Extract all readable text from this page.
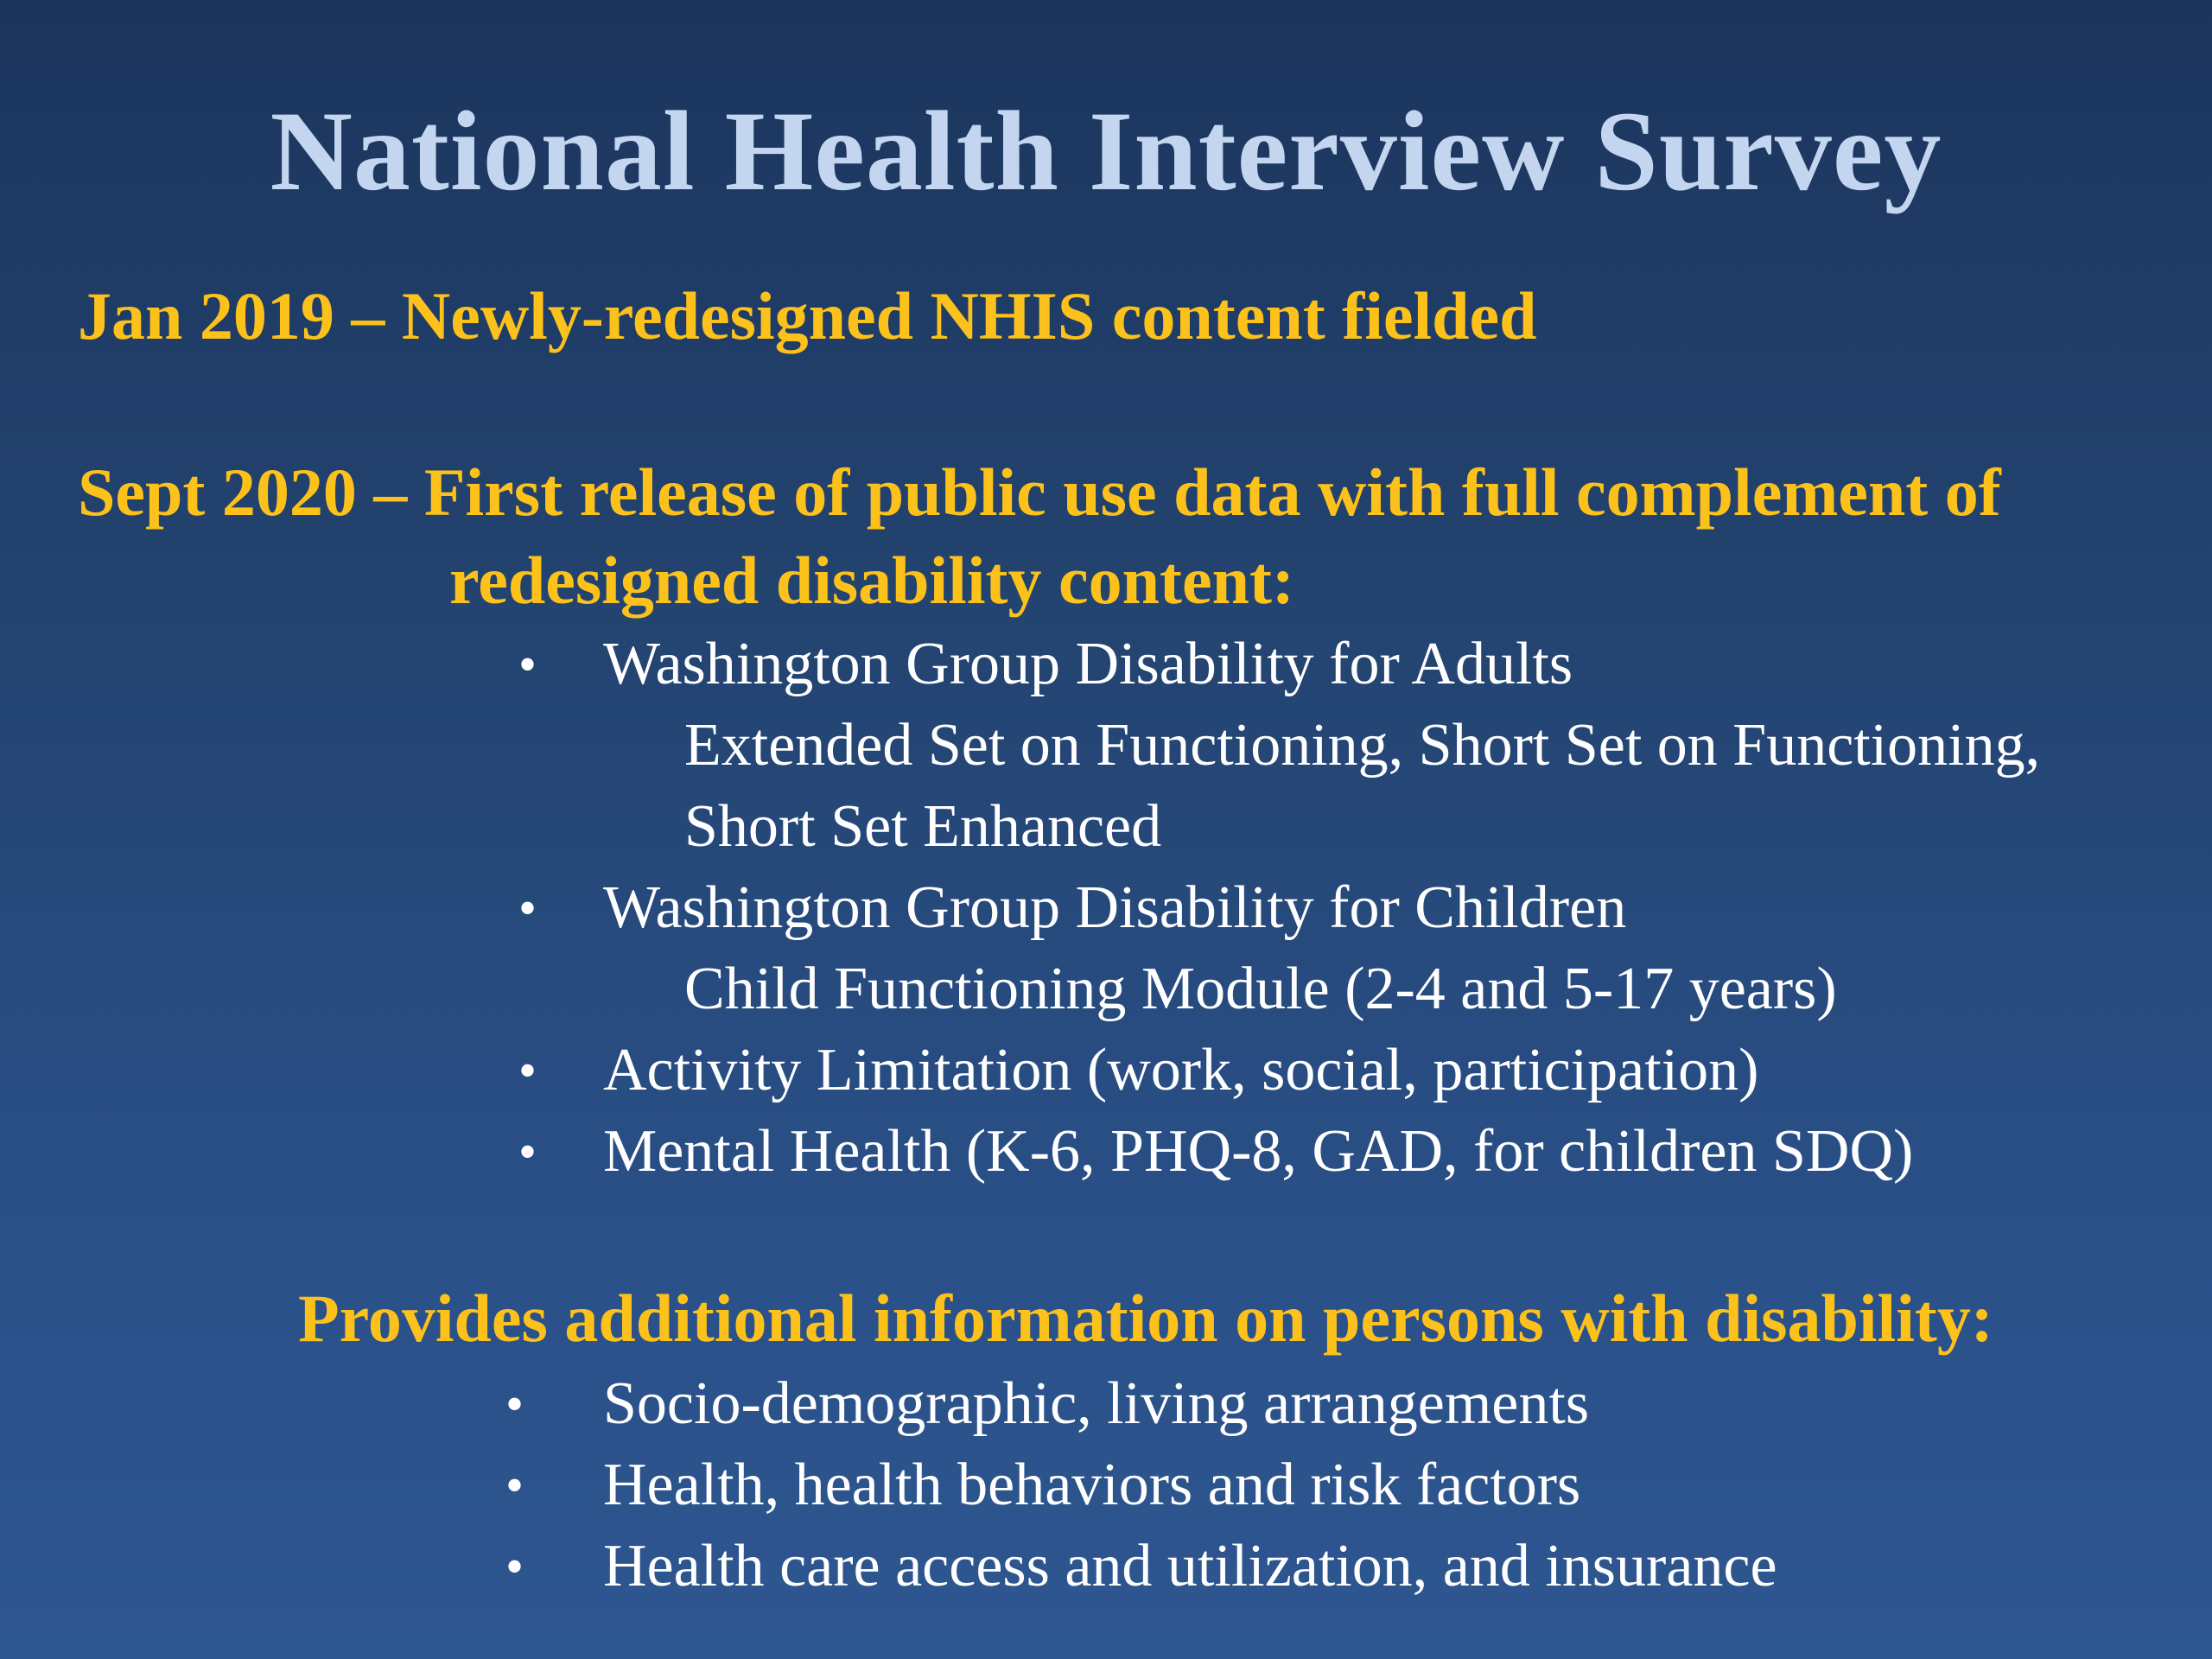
National Health Interview Survey
Jan 2019 – Newly-redesigned NHIS content fielded
Sept 2020 – First release of public use data with full complement of
redesigned disability content:
• Washington Group Disability for Adults
Extended Set on Functioning, Short Set on Functioning,
Short Set Enhanced
• Washington Group Disability for Children
Child Functioning Module (2-4 and 5-17 years)
• Activity Limitation (work, social, participation)
• Mental Health (K-6, PHQ-8, GAD, for children SDQ)
Provides additional information on persons with disability:
• Socio-demographic, living arrangements
• Health, health behaviors and risk factors
• Health care access and utilization, and insurance
